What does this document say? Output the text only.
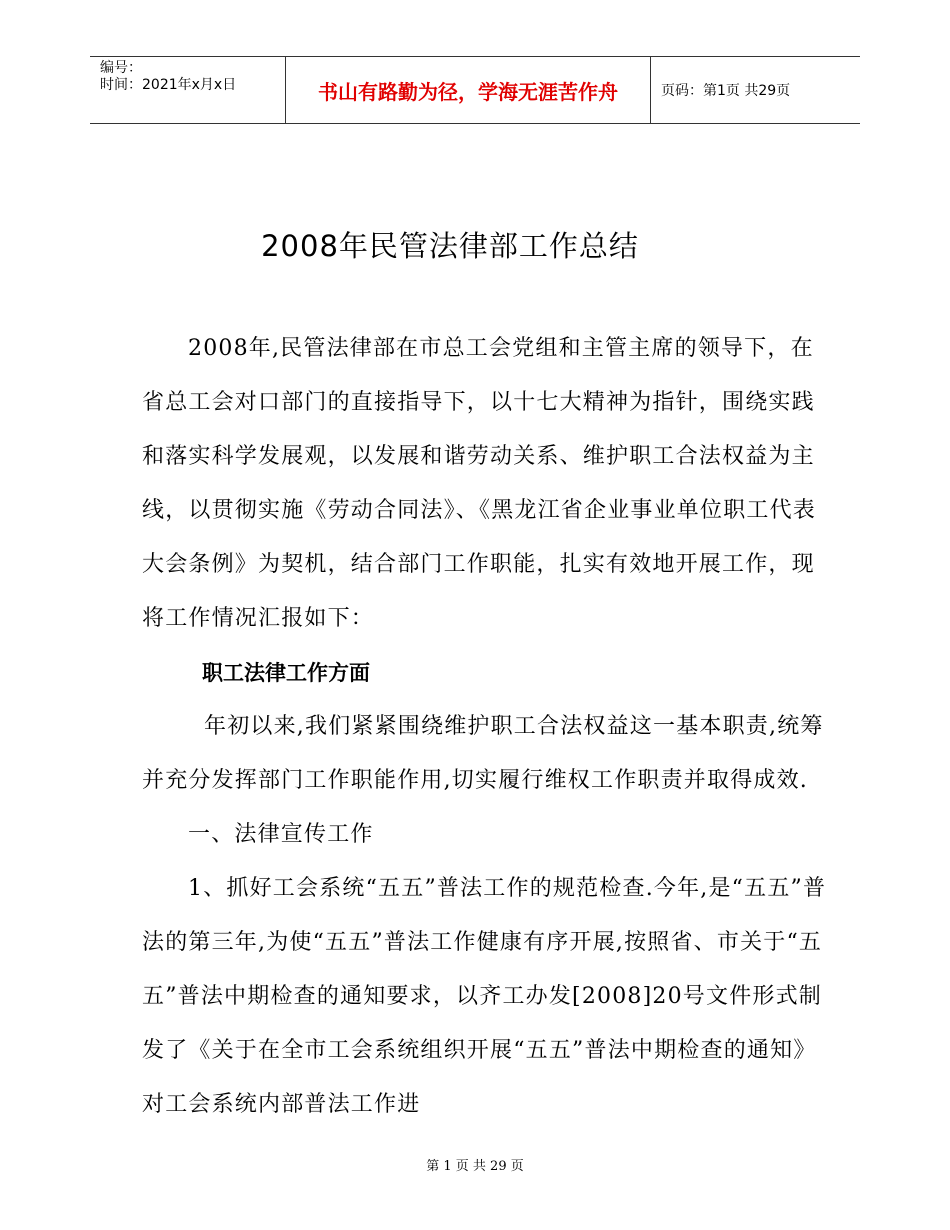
编号：
时间：2021年x月x日	书山有路勤为径，学海无涯苦作舟	页码：第1页 共29页
2008年民管法律部工作总结

2008年,民管法律部在市总工会党组和主管主席的领导下，在省总工会对口部门的直接指导下，以十七大精神为指针，围绕实践和落实科学发展观，以发展和谐劳动关系、维护职工合法权益为主线，以贯彻实施《劳动合同法》、《黑龙江省企业事业单位职工代表大会条例》为契机，结合部门工作职能，扎实有效地开展工作，现将工作情况汇报如下：

职工法律工作方面

年初以来,我们紧紧围绕维护职工合法权益这一基本职责,统筹并充分发挥部门工作职能作用,切实履行维权工作职责并取得成效.

一、法律宣传工作

1、抓好工会系统“五五”普法工作的规范检查.今年,是“五五”普法的第三年,为使“五五”普法工作健康有序开展,按照省、市关于“五五”普法中期检查的通知要求，以齐工办发[2008]20号文件形式制发了《关于在全市工会系统组织开展“五五”普法中期检查的通知》对工会系统内部普法工作进

第 1 页 共 29 页
